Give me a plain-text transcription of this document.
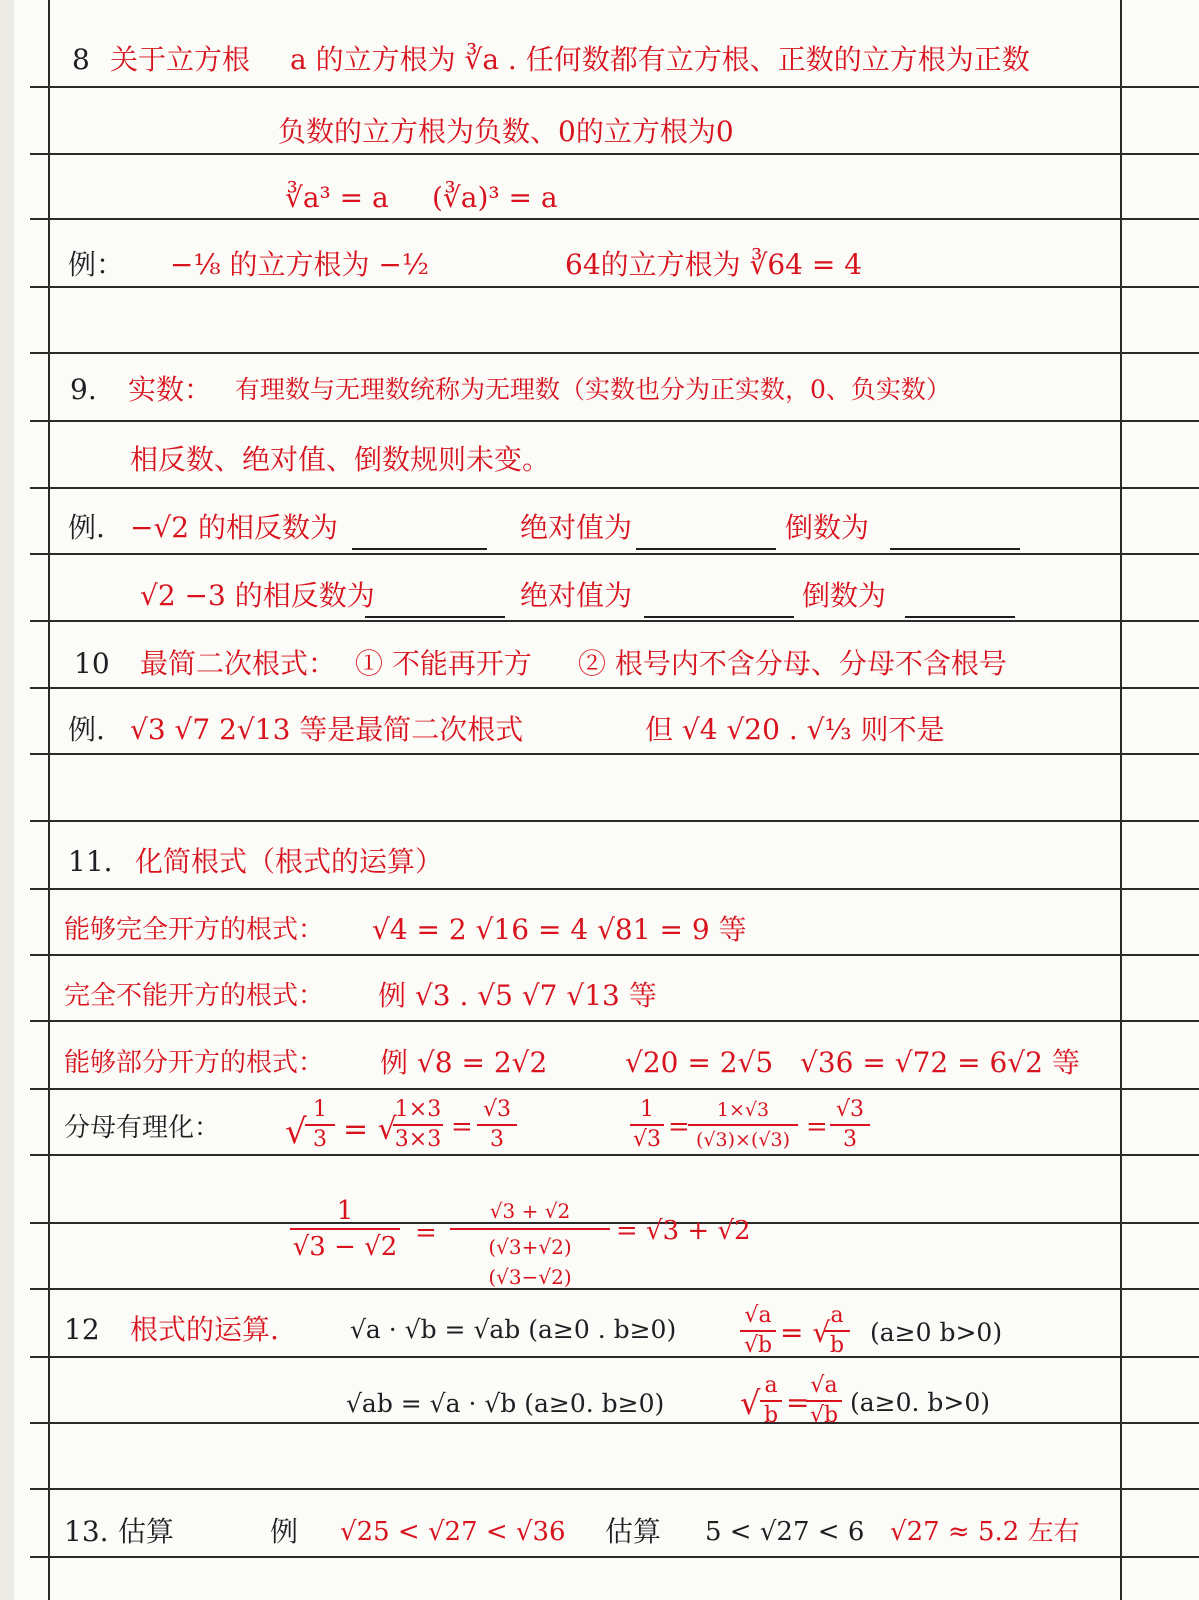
8 关于立方根 a 的立方根为 ∛a . 任何数都有立方根、正数的立方根为正数
负数的立方根为负数、0的立方根为0
∛a³ = a (∛a)³ = a
例： −⅛ 的立方根为 −½	64的立方根为 ∛64 = 4
9. 实数： 有理数与无理数统称为无理数（实数也分为正实数，0、负实数）
相反数、绝对值、倒数规则未变。
例. −√2 的相反数为	绝对值为	倒数为
√2 −3 的相反数为	绝对值为	倒数为
10 最简二次根式： ① 不能再开方 ② 根号内不含分母、分母不含根号
例. √3 √7 2√13 等是最简二次根式	但 √4 √20 . √⅓ 则不是
11. 化简根式（根式的运算）
能够完全开方的根式： √4 = 2 √16 = 4 √81 = 9 等
完全不能开方的根式： 例 √3 . √5 √7 √13 等
能够部分开方的根式： 例 √8 = 2√2	√20 = 2√5 √36 = √72 = 6√2 等
分母有理化： √
1
3 = √
1×3
3×3 =
√3
3
1
√3 =
1×√3
(√3)×(√3) =
√3
3
1
√3 − √2 =
√3 + √2
(√3+√2)(√3−√2)
= √3 + √2
12 根式的运算.	√a · √b = √ab (a≥0 . b≥0)	√a
√b = √
a
b (a≥0 b>0)
√ab = √a · √b (a≥0. b≥0) √ a
b =
√a
√b (a≥0. b>0)
13. 估算	例 √25 < √27 < √36 估算 5 < √27 < 6 √27 ≈ 5.2 左右
